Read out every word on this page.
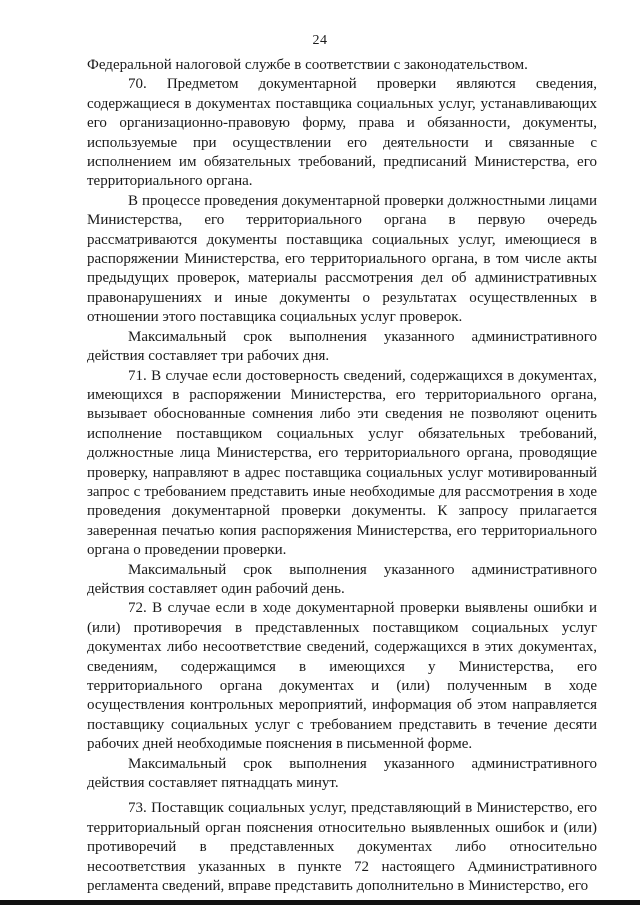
24

Федеральной налоговой службе в соответствии с законодательством.

70. Предметом документарной проверки являются сведения, содержащиеся в документах поставщика социальных услуг, устанавливающих его организационно-правовую форму, права и обязанности, документы, используемые при осуществлении его деятельности и связанные с исполнением им обязательных требований, предписаний Министерства, его территориального органа.

В процессе проведения документарной проверки должностными лицами Министерства, его территориального органа в первую очередь рассматриваются документы поставщика социальных услуг, имеющиеся в распоряжении Министерства, его территориального органа, в том числе акты предыдущих проверок, материалы рассмотрения дел об административных правонарушениях и иные документы о результатах осуществленных в отношении этого поставщика социальных услуг проверок.

Максимальный срок выполнения указанного административного действия составляет три рабочих дня.

71. В случае если достоверность сведений, содержащихся в документах, имеющихся в распоряжении Министерства, его территориального органа, вызывает обоснованные сомнения либо эти сведения не позволяют оценить исполнение поставщиком социальных услуг обязательных требований, должностные лица Министерства, его территориального органа, проводящие проверку, направляют в адрес поставщика социальных услуг мотивированный запрос с требованием представить иные необходимые для рассмотрения в ходе проведения документарной проверки документы. К запросу прилагается заверенная печатью копия распоряжения Министерства, его территориального органа о проведении проверки.

Максимальный срок выполнения указанного административного действия составляет один рабочий день.

72. В случае если в ходе документарной проверки выявлены ошибки и (или) противоречия в представленных поставщиком социальных услуг документах либо несоответствие сведений, содержащихся в этих документах, сведениям, содержащимся в имеющихся у Министерства, его территориального органа документах и (или) полученным в ходе осуществления контрольных мероприятий, информация об этом направляется поставщику социальных услуг с требованием представить в течение десяти рабочих дней необходимые пояснения в письменной форме.

Максимальный срок выполнения указанного административного действия составляет пятнадцать минут.

73. Поставщик социальных услуг, представляющий в Министерство, его территориальный орган пояснения относительно выявленных ошибок и (или) противоречий в представленных документах либо относительно несоответствия указанных в пункте 72 настоящего Административного регламента сведений, вправе представить дополнительно в Министерство, его
